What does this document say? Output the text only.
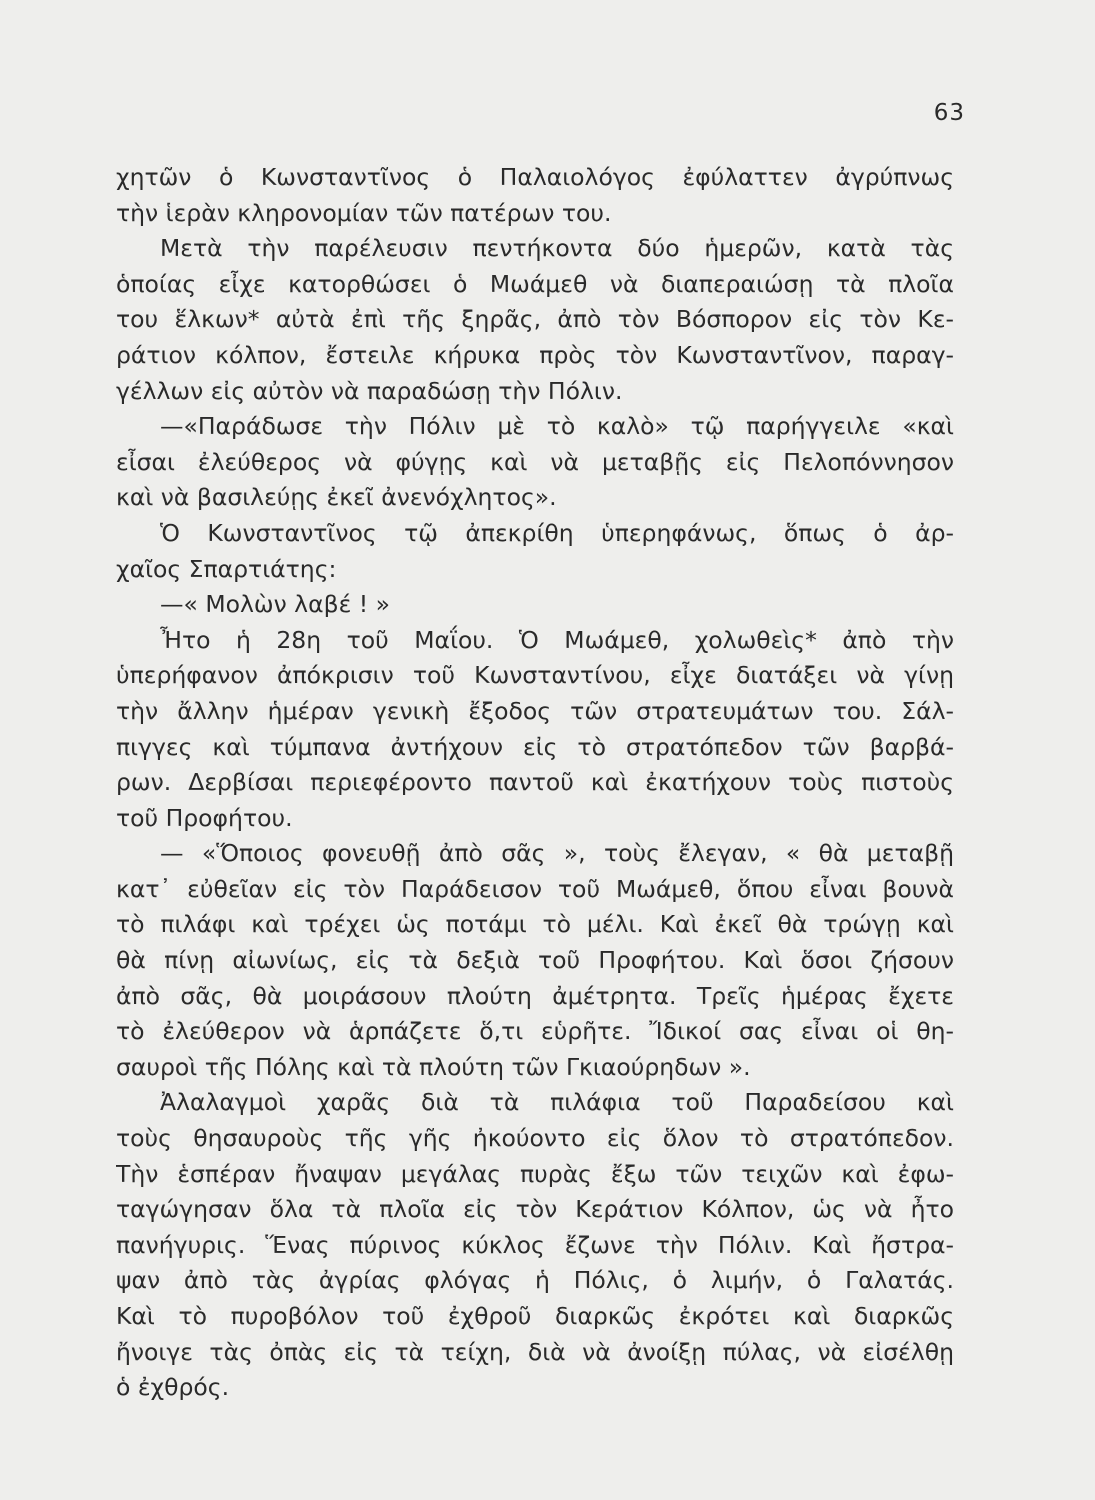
63
χητῶν ὁ Κωνσταντῖνος ὁ Παλαιολόγος ἐφύλαττεν ἀγρύπνως
τὴν ἱερὰν κληρονομίαν τῶν πατέρων του.
Μετὰ τὴν παρέλευσιν πεντήκοντα δύο ἡμερῶν, κατὰ τὰς
ὁποίας εἶχε κατορθώσει ὁ Μωάμεθ νὰ διαπεραιώσῃ τὰ πλοῖα
του ἕλκων* αὐτὰ ἐπὶ τῆς ξηρᾶς, ἀπὸ τὸν Βόσπορον εἰς τὸν Κε-
ράτιον κόλπον, ἔστειλε κήρυκα πρὸς τὸν Κωνσταντῖνον, παραγ-
γέλλων εἰς αὐτὸν νὰ παραδώσῃ τὴν Πόλιν.
—«Παράδωσε τὴν Πόλιν μὲ τὸ καλὸ» τῷ παρήγγειλε «καὶ
εἶσαι ἐλεύθερος νὰ φύγῃς καὶ νὰ μεταβῇς εἰς Πελοπόννησον
καὶ νὰ βασιλεύῃς ἐκεῖ ἀνενόχλητος».
Ὁ Κωνσταντῖνος τῷ ἀπεκρίθη ὑπερηφάνως, ὅπως ὁ ἀρ-
χαῖος Σπαρτιάτης:
—« Μολὼν λαβέ ! »
Ἦτο ἡ 28η τοῦ Μαΐου. Ὁ Μωάμεθ, χολωθεὶς* ἀπὸ τὴν
ὑπερήφανον ἀπόκρισιν τοῦ Κωνσταντίνου, εἶχε διατάξει νὰ γίνῃ
τὴν ἄλλην ἡμέραν γενικὴ ἔξοδος τῶν στρατευμάτων του. Σάλ-
πιγγες καὶ τύμπανα ἀντήχουν εἰς τὸ στρατόπεδον τῶν βαρβά-
ρων. Δερβίσαι περιεφέροντο παντοῦ καὶ ἐκατήχουν τοὺς πιστοὺς
τοῦ Προφήτου.
— «Ὅποιος φονευθῇ ἀπὸ σᾶς », τοὺς ἔλεγαν, « θὰ μεταβῇ
κατ᾽ εὐθεῖαν εἰς τὸν Παράδεισον τοῦ Μωάμεθ, ὅπου εἶναι βουνὰ
τὸ πιλάφι καὶ τρέχει ὡς ποτάμι τὸ μέλι. Καὶ ἐκεῖ θὰ τρώγῃ καὶ
θὰ πίνῃ αἰωνίως, εἰς τὰ δεξιὰ τοῦ Προφήτου. Καὶ ὅσοι ζήσουν
ἀπὸ σᾶς, θὰ μοιράσουν πλούτη ἀμέτρητα. Τρεῖς ἡμέρας ἔχετε
τὸ ἐλεύθερον νὰ ἁρπάζετε ὅ,τι εὑρῆτε. Ἴδικοί σας εἶναι οἱ θη-
σαυροὶ τῆς Πόλης καὶ τὰ πλούτη τῶν Γκιαούρηδων ».
Ἀλαλαγμοὶ χαρᾶς διὰ τὰ πιλάφια τοῦ Παραδείσου καὶ
τοὺς θησαυροὺς τῆς γῆς ἠκούοντο εἰς ὅλον τὸ στρατόπεδον.
Τὴν ἑσπέραν ἤναψαν μεγάλας πυρὰς ἔξω τῶν τειχῶν καὶ ἐφω-
ταγώγησαν ὅλα τὰ πλοῖα εἰς τὸν Κεράτιον Κόλπον, ὡς νὰ ἦτο
πανήγυρις. Ἕνας πύρινος κύκλος ἔζωνε τὴν Πόλιν. Καὶ ἤστρα-
ψαν ἀπὸ τὰς ἀγρίας φλόγας ἡ Πόλις, ὁ λιμήν, ὁ Γαλατάς.
Καὶ τὸ πυροβόλον τοῦ ἐχθροῦ διαρκῶς ἐκρότει καὶ διαρκῶς
ἤνοιγε τὰς ὀπὰς εἰς τὰ τείχη, διὰ νὰ ἀνοίξῃ πύλας, νὰ εἰσέλθῃ
ὁ ἐχθρός.
